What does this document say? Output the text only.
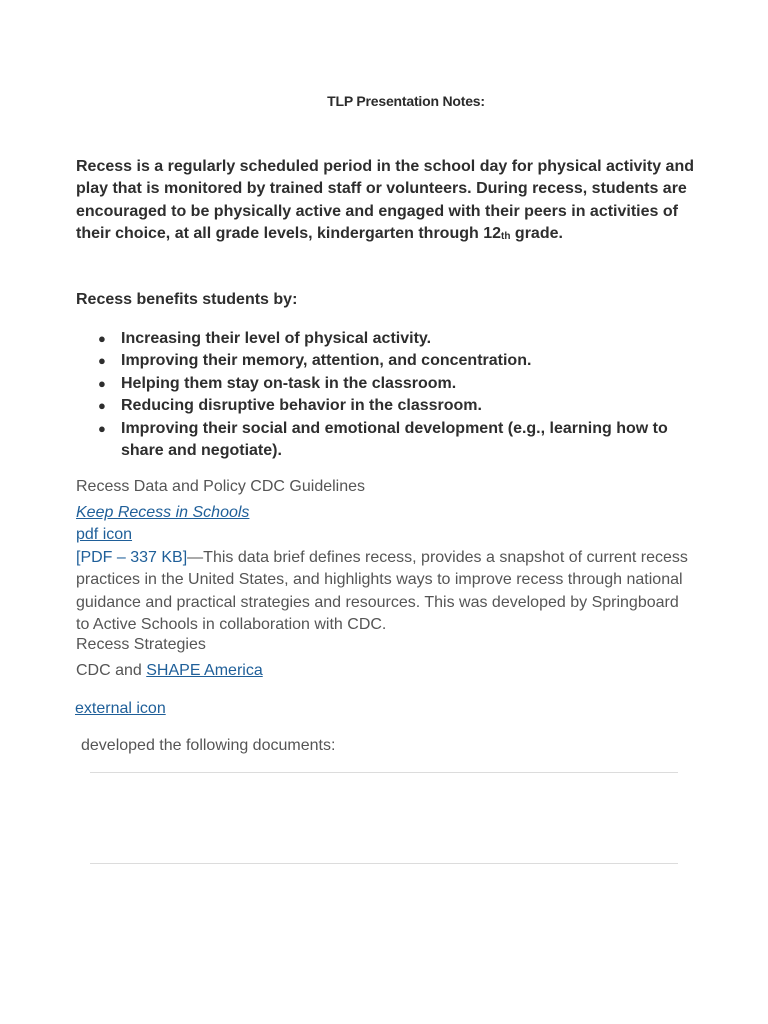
TLP Presentation Notes:
Recess is a regularly scheduled period in the school day for physical activity and play that is monitored by trained staff or volunteers. During recess, students are encouraged to be physically active and engaged with their peers in activities of their choice, at all grade levels, kindergarten through $12_{th}$ grade.
Recess benefits students by:
● Increasing their level of physical activity.
● Improving their memory, attention, and concentration.
● Helping them stay on-task in the classroom.
● Reducing disruptive behavior in the classroom.
● Improving their social and emotional development (e.g., learning how to share and negotiate).
Recess Data and Policy CDC Guidelines
Keep Recess in Schools
pdf icon
[PDF – 337 KB]—This data brief defines recess, provides a snapshot of current recess practices in the United States, and highlights ways to improve recess through national guidance and practical strategies and resources. This was developed by Springboard to Active Schools in collaboration with CDC.
Recess Strategies
CDC and SHAPE America
external icon
developed the following documents:
